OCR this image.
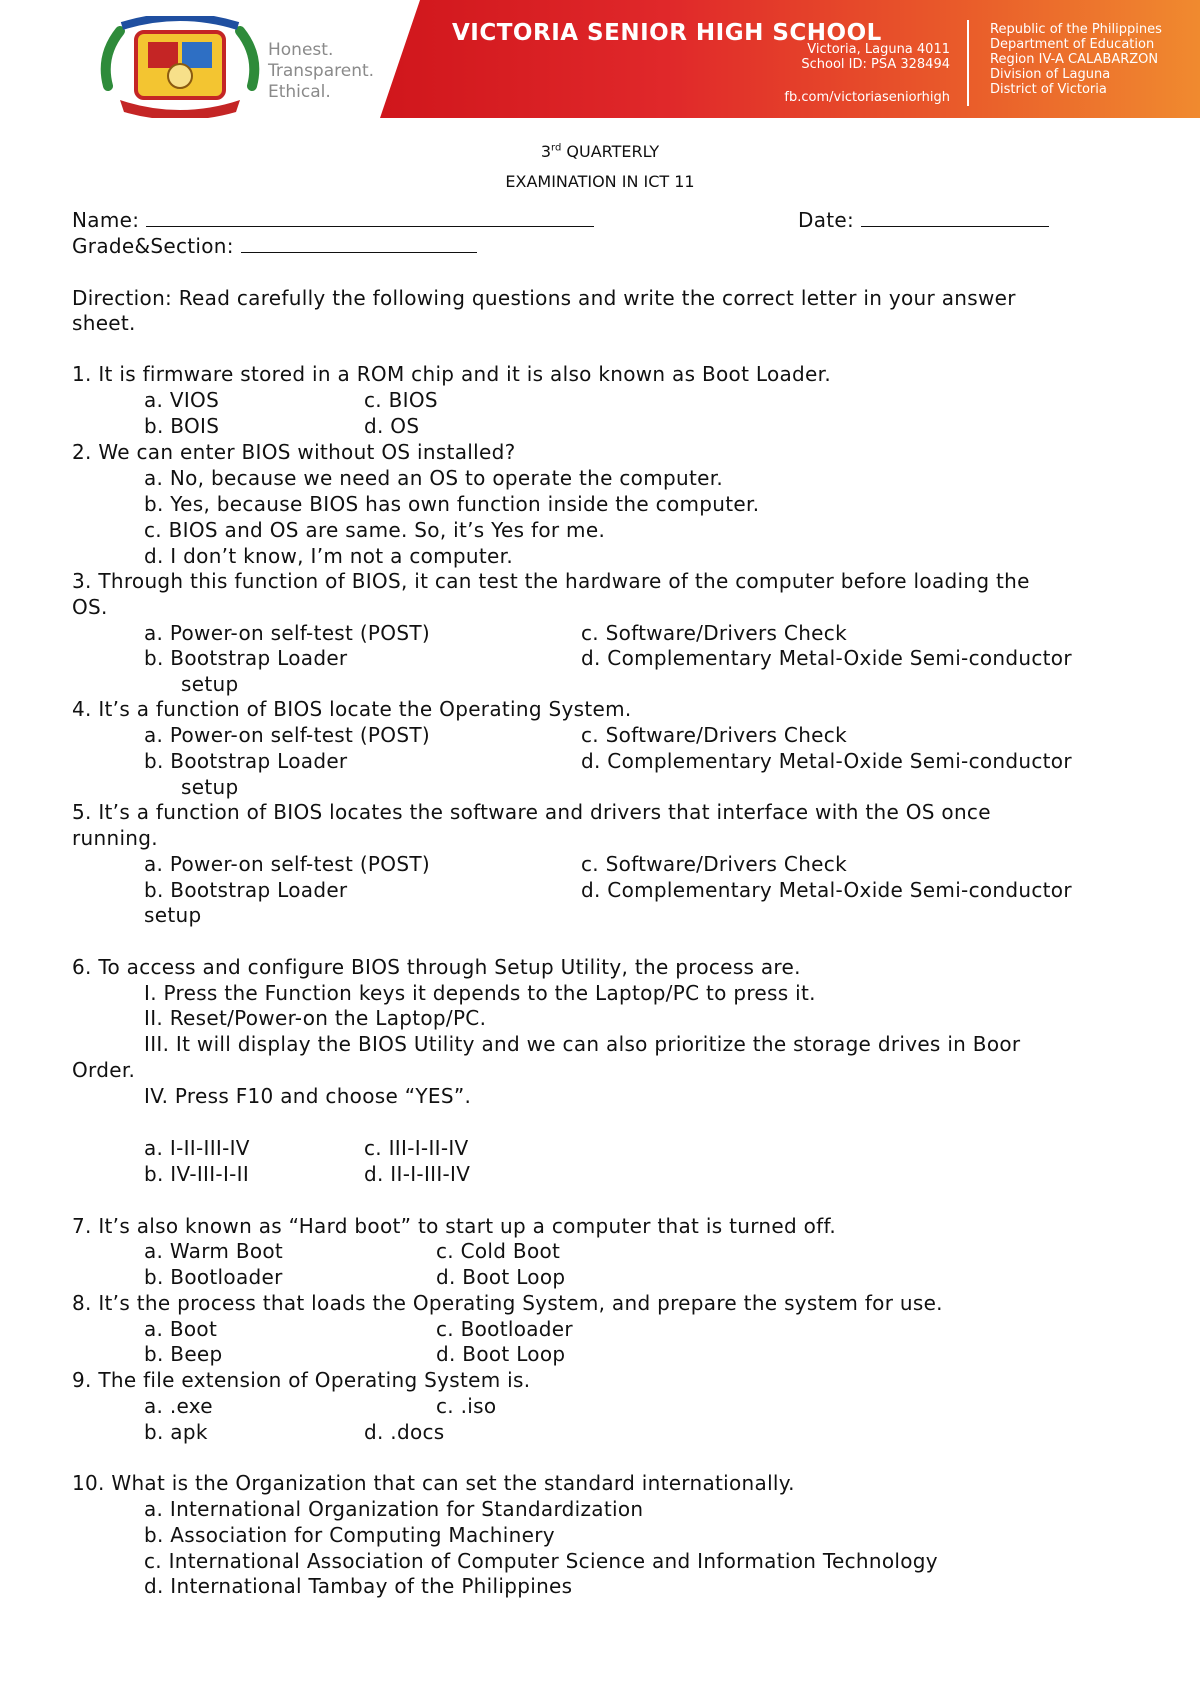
Honest.
Transparent.
Ethical.
VICTORIA SENIOR HIGH SCHOOL
Victoria, Laguna 4011
School ID: PSA 328494
fb.com/victoriaseniorhigh
Republic of the Philippines
Department of Education
Region IV-A CALABARZON
Division of Laguna
District of Victoria
3rd QUARTERLY
EXAMINATION IN ICT 11
Name:	Date:
Grade&Section:
Direction: Read carefully the following questions and write the correct letter in your answer
sheet.
1. It is firmware stored in a ROM chip and it is also known as Boot Loader.
a. VIOS	c. BIOS
b. BOIS	d. OS
2. We can enter BIOS without OS installed?
a. No, because we need an OS to operate the computer.
b. Yes, because BIOS has own function inside the computer.
c. BIOS and OS are same. So, it’s Yes for me.
d. I don’t know, I’m not a computer.
3. Through this function of BIOS, it can test the hardware of the computer before loading the
OS.
a. Power-on self-test (POST)	c. Software/Drivers Check
b. Bootstrap Loader	d. Complementary Metal-Oxide Semi-conductor
setup
4. It’s a function of BIOS locate the Operating System.
a. Power-on self-test (POST)	c. Software/Drivers Check
b. Bootstrap Loader	d. Complementary Metal-Oxide Semi-conductor
setup
5. It’s a function of BIOS locates the software and drivers that interface with the OS once
running.
a. Power-on self-test (POST)	c. Software/Drivers Check
b. Bootstrap Loader	d. Complementary Metal-Oxide Semi-conductor
setup
6. To access and configure BIOS through Setup Utility, the process are.
I. Press the Function keys it depends to the Laptop/PC to press it.
II. Reset/Power-on the Laptop/PC.
III. It will display the BIOS Utility and we can also prioritize the storage drives in Boor
Order.
IV. Press F10 and choose “YES”.
a. I-II-III-IV	c. III-I-II-IV
b. IV-III-I-II	d. II-I-III-IV
7. It’s also known as “Hard boot” to start up a computer that is turned off.
a. Warm Boot	c. Cold Boot
b. Bootloader	d. Boot Loop
8. It’s the process that loads the Operating System, and prepare the system for use.
a. Boot	c. Bootloader
b. Beep	d. Boot Loop
9. The file extension of Operating System is.
a. .exe	c. .iso
b. apk	d. .docs
10. What is the Organization that can set the standard internationally.
a. International Organization for Standardization
b. Association for Computing Machinery
c. International Association of Computer Science and Information Technology
d. International Tambay of the Philippines
